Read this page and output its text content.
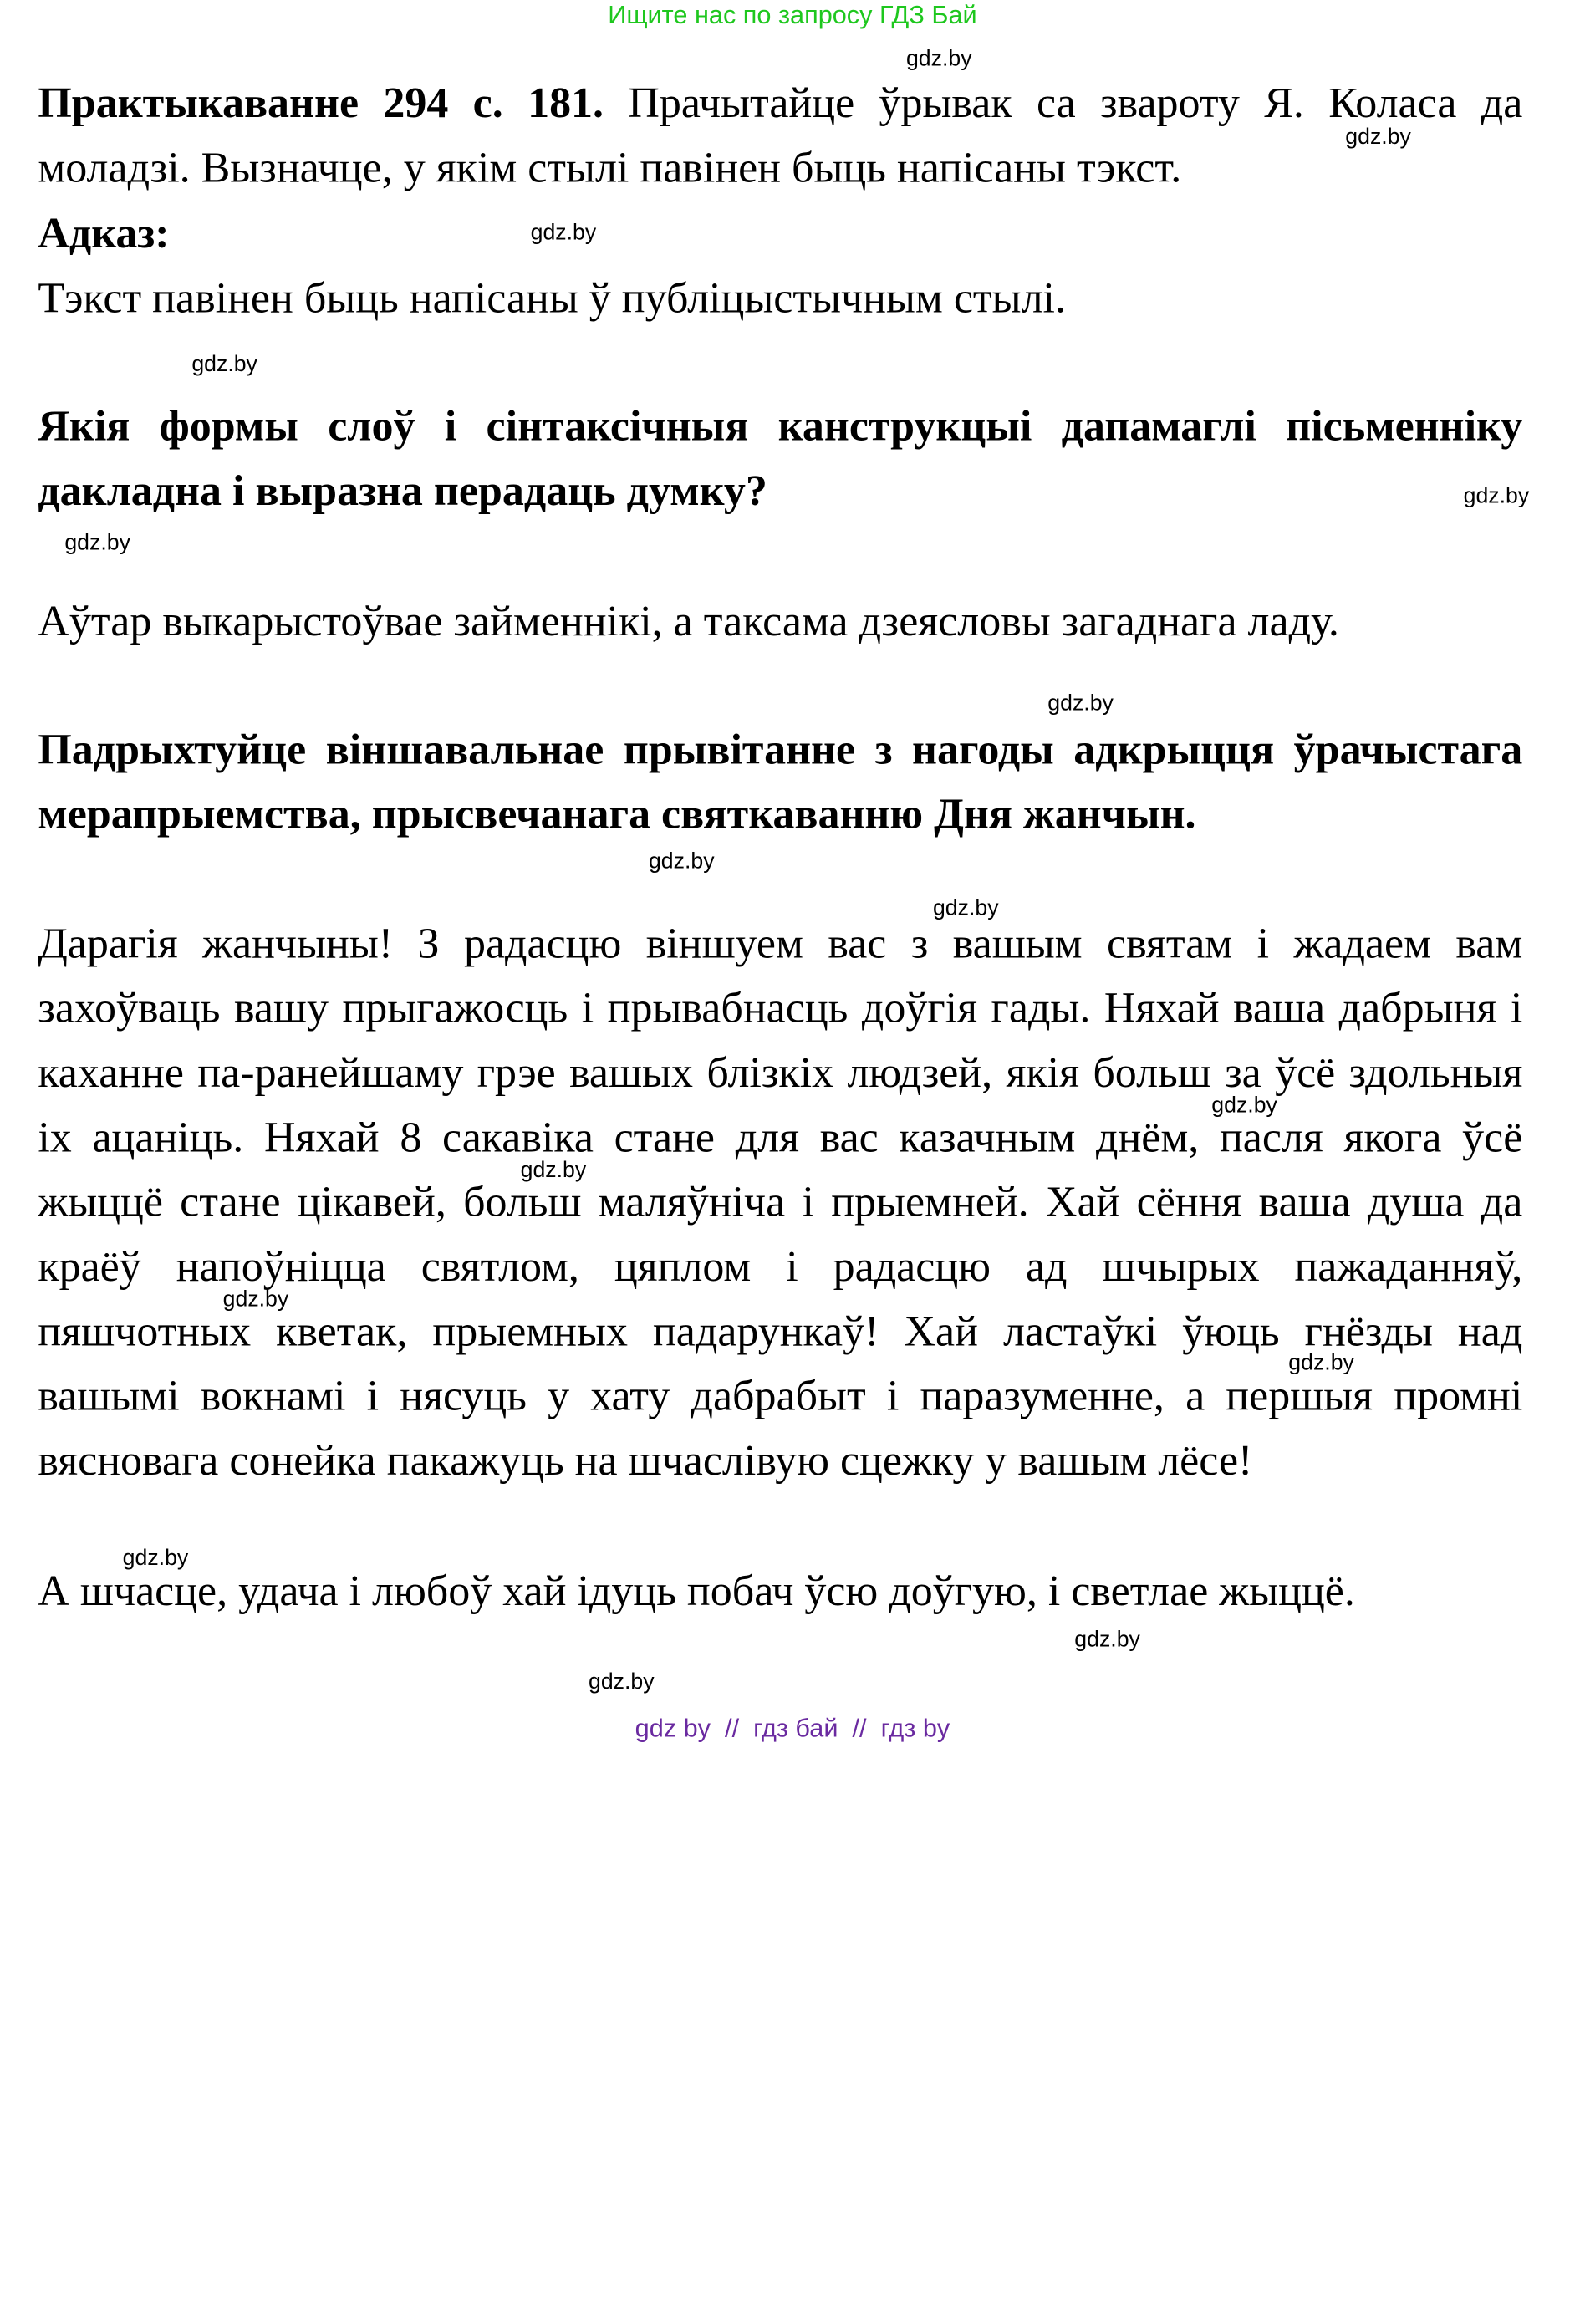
Ищите нас по запросу ГДЗ Бай

Практыкаванне 294 с. 181. Прачытайце ўрывак са звароту Я. Коласа да моладзі. Вызначце, у якім стылі павінен быць напісаны тэкст.

Адказ:

Тэкст павінен быць напісаны ў публіцыстычным стылі.

Якія формы слоў і сінтаксічныя канструкцыі дапамаглі пісьменніку дакладна і выразна перадаць думку?

Аўтар выкарыстоўвае займеннікі, а таксама дзеясловы загаднага ладу.

Падрыхтуйце віншавальнае прывітанне з нагоды адкрыцця ўрачыстага мерапрыемства, прысвечанага святкаванню Дня жанчын.

Дарагія жанчыны! З радасцю віншуем вас з вашым святам і жадаем вам захоўваць вашу прыгажосць і прывабнасць доўгія гады. Няхай ваша дабрыня і каханне па-ранейшаму грэе вашых блізкіх людзей, якія больш за ўсё здольныя іх ацаніць. Няхай 8 сакавіка стане для вас казачным днём, пасля якога ўсё жыццё стане цікавей, больш маляўніча і прыемней. Хай сёння ваша душа да краёў напоўніцца святлом, цяплом і радасцю ад шчырых пажаданняў, пяшчотных кветак, прыемных падарункаў! Хай ластаўкі ўюць гнёзды над вашымі вокнамі і нясуць у хату дабрабыт і паразуменне, а першыя промні вясновага сонейка пакажуць на шчаслівую сцежку у вашым лёсе!

А шчасце, удача і любоў хай ідуць побач ўсю доўгую, і светлае жыццё.

gdz.by
gdz.by
gdz.by
gdz.by
gdz.by
gdz.by
gdz.by
gdz.by
gdz.by
gdz.by
gdz.by
gdz.by
gdz.by
gdz.by
gdz.by
gdz.by
gdz by  //  гдз бай  //  гдз by
